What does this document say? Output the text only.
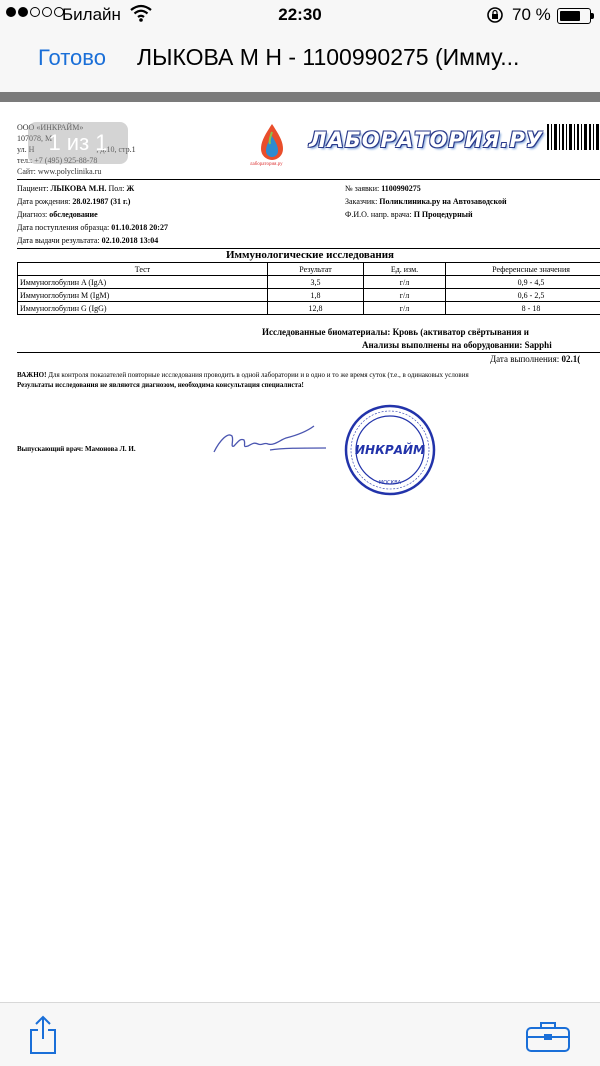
Билайн	22:30	70 %
Готово ЛЫКОВА М Н - 1100990275 (Имму...
ООО «ИНКРАЙМ»
107078, М
ул. Н	, д.10, стр.1
тел.: +7 (495) 925-88-78
Сайт: www.polyclinika.ru
лаборатория.ру
ЛАБОРАТОРИЯ.РУ
Пациент: ЛЫКОВА М.Н. Пол: Ж
Дата рождения: 28.02.1987 (31 г.)
Диагноз: обследование
Дата поступления образца: 01.10.2018 20:27
Дата выдачи результата: 02.10.2018 13:04
№ заявки: 1100990275
Заказчик: Поликлиника.ру на Автозаводской
Ф.И.О. напр. врача: П Процедурный
Иммунологические исследования
Тест	Результат	Ед. изм.	Референсные значения
Иммуноглобулин A (IgA)	3,5	г/л	0,9 - 4,5
Иммуноглобулин M (IgM)	1,8	г/л	0,6 - 2,5
Иммуноглобулин G (IgG)	12,8	г/л	8 - 18
Исследованные биоматериалы: Кровь (активатор свёртывания и
Анализы выполнены на оборудовании: Sapphi
Дата выполнения: 02.1(
ВАЖНО! Для контроля показателей повторные исследования проводить в одной лаборатории и в одно и то же время суток (т.е., в одинаковых условия
Результаты исследования не являются диагнозом, необходима консультация специалиста!
Выпускающий врач: Мамонова Л. И.	ИНКРАЙМ
МОСКВА
1 из 1
